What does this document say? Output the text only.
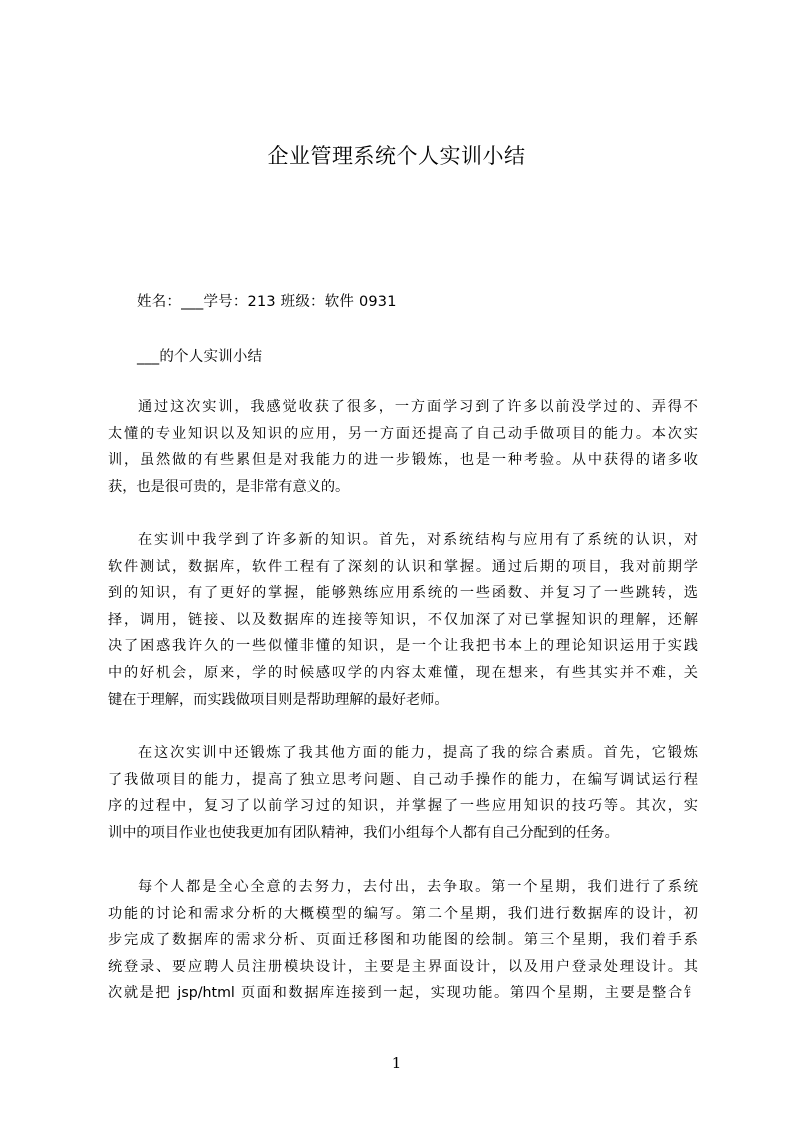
企业管理系统个人实训小结
姓名：___学号：213 班级：软件 0931
___的个人实训小结
通过这次实训，我感觉收获了很多，一方面学习到了许多以前没学过的、弄得不
太懂的专业知识以及知识的应用，另一方面还提高了自己动手做项目的能力。本次实
训，虽然做的有些累但是对我能力的进一步锻炼，也是一种考验。从中获得的诸多收
获，也是很可贵的，是非常有意义的。
在实训中我学到了许多新的知识。首先，对系统结构与应用有了系统的认识，对
软件测试，数据库，软件工程有了深刻的认识和掌握。通过后期的项目，我对前期学
到的知识，有了更好的掌握，能够熟练应用系统的一些函数、并复习了一些跳转，选
择，调用，链接、以及数据库的连接等知识，不仅加深了对已掌握知识的理解，还解
决了困惑我许久的一些似懂非懂的知识，是一个让我把书本上的理论知识运用于实践
中的好机会，原来，学的时候感叹学的内容太难懂，现在想来，有些其实并不难，关
键在于理解，而实践做项目则是帮助理解的最好老师。
在这次实训中还锻炼了我其他方面的能力，提高了我的综合素质。首先，它锻炼
了我做项目的能力，提高了独立思考问题、自己动手操作的能力，在编写调试运行程
序的过程中，复习了以前学习过的知识，并掌握了一些应用知识的技巧等。其次，实
训中的项目作业也使我更加有团队精神，我们小组每个人都有自己分配到的任务。
每个人都是全心全意的去努力，去付出，去争取。第一个星期，我们进行了系统
功能的讨论和需求分析的大概模型的编写。第二个星期，我们进行数据库的设计，初
步完成了数据库的需求分析、页面迁移图和功能图的绘制。第三个星期，我们着手系
统登录、要应聘人员注册模块设计，主要是主界面设计，以及用户登录处理设计。其
次就是把 jsp/html 页面和数据库连接到一起，实现功能。第四个星期，主要是整合钅
1
